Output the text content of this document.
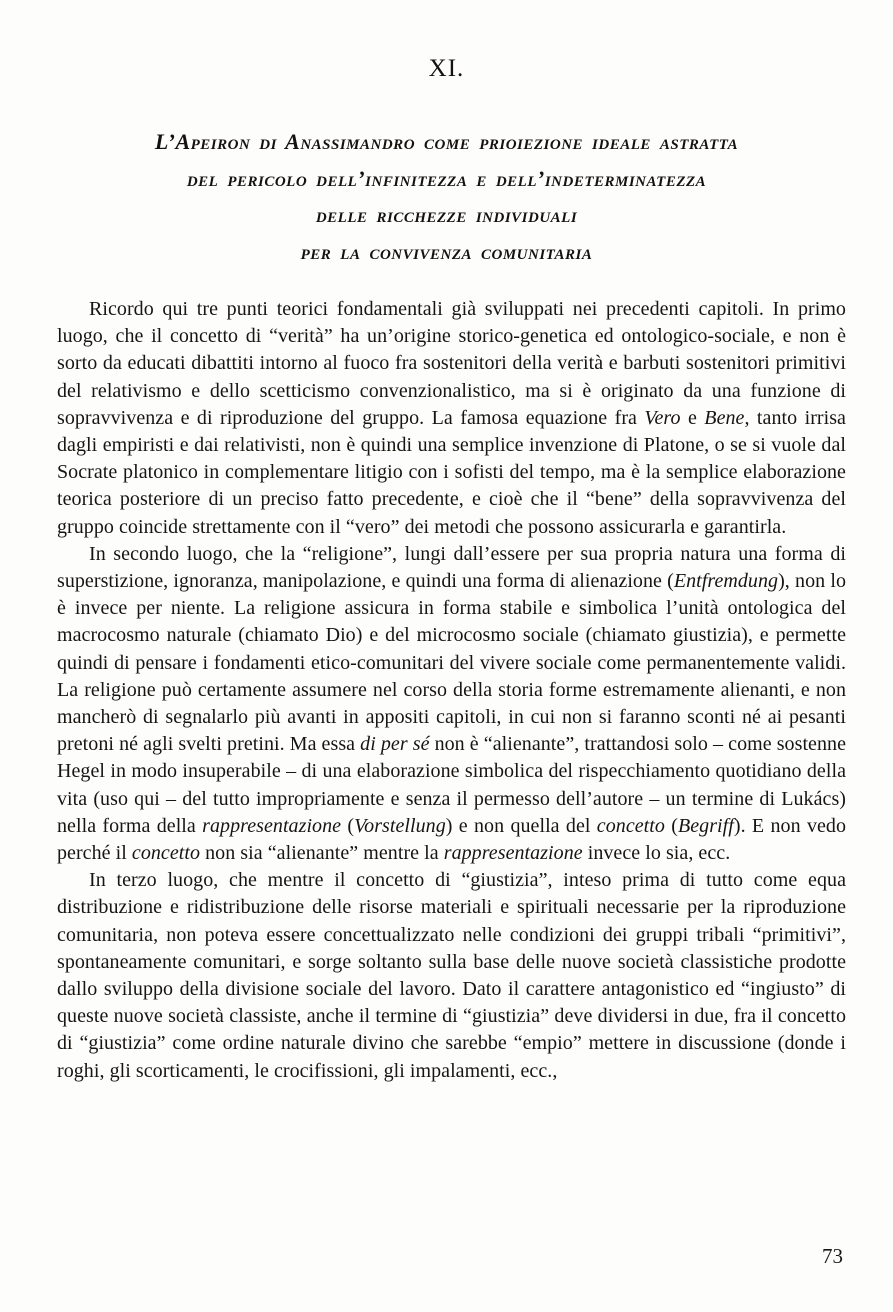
XI.
L’Apeiron di Anassimandro come prioiezione ideale astratta
del pericolo dell’infinitezza e dell’indeterminatezza
delle ricchezze individuali
per la convivenza comunitaria

Ricordo qui tre punti teorici fondamentali già sviluppati nei precedenti capitoli. In primo luogo, che il concetto di “verità” ha un’origine storico-genetica ed ontologico-sociale, e non è sorto da educati dibattiti intorno al fuoco fra sostenitori della verità e barbuti sostenitori primitivi del relativismo e dello scetticismo convenzionalistico, ma si è originato da una funzione di sopravvivenza e di riproduzione del gruppo. La famosa equazione fra Vero e Bene, tanto irrisa dagli empiristi e dai relativisti, non è quindi una semplice invenzione di Platone, o se si vuole dal Socrate platonico in complementare litigio con i sofisti del tempo, ma è la semplice elaborazione teorica posteriore di un preciso fatto precedente, e cioè che il “bene” della sopravvivenza del gruppo coincide strettamente con il “vero” dei metodi che possono assicurarla e garantirla.

In secondo luogo, che la “religione”, lungi dall’essere per sua propria natura una forma di superstizione, ignoranza, manipolazione, e quindi una forma di alienazione (Entfremdung), non lo è invece per niente. La religione assicura in forma stabile e simbolica l’unità ontologica del macrocosmo naturale (chiamato Dio) e del microcosmo sociale (chiamato giustizia), e permette quindi di pensare i fondamenti etico-comunitari del vivere sociale come permanentemente validi. La religione può certamente assumere nel corso della storia forme estremamente alienanti, e non mancherò di segnalarlo più avanti in appositi capitoli, in cui non si faranno sconti né ai pesanti pretoni né agli svelti pretini. Ma essa di per sé non è “alienante”, trattandosi solo – come sostenne Hegel in modo insuperabile – di una elaborazione simbolica del rispecchiamento quotidiano della vita (uso qui – del tutto impropriamente e senza il permesso dell’autore – un termine di Lukács) nella forma della rappresentazione (Vorstellung) e non quella del concetto (Begriff). E non vedo perché il concetto non sia “alienante” mentre la rappresentazione invece lo sia, ecc.

In terzo luogo, che mentre il concetto di “giustizia”, inteso prima di tutto come equa distribuzione e ridistribuzione delle risorse materiali e spirituali necessarie per la riproduzione comunitaria, non poteva essere concettualizzato nelle condizioni dei gruppi tribali “primitivi”, spontaneamente comunitari, e sorge soltanto sulla base delle nuove società classistiche prodotte dallo sviluppo della divisione sociale del lavoro. Dato il carattere antagonistico ed “ingiusto” di queste nuove società classiste, anche il termine di “giustizia” deve dividersi in due, fra il concetto di “giustizia” come ordine naturale divino che sarebbe “empio” mettere in discussione (donde i roghi, gli scorticamenti, le crocifissioni, gli impalamenti, ecc.,

73
